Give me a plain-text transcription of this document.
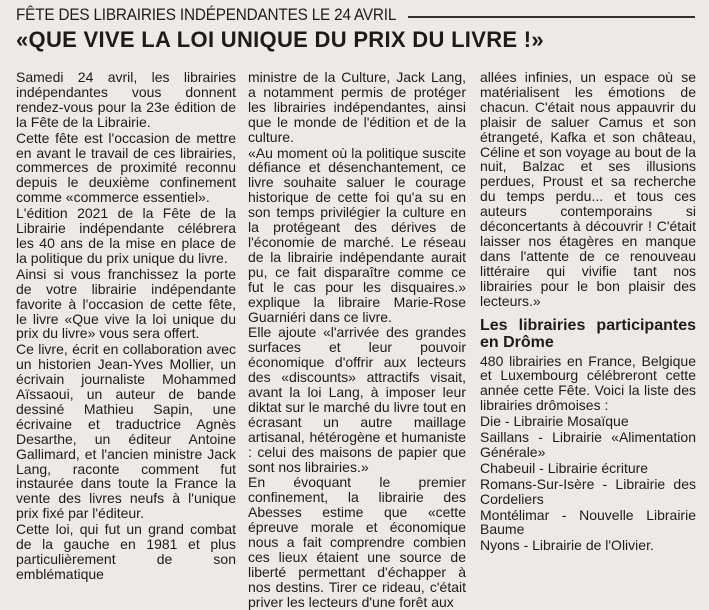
FÊTE DES LIBRAIRIES INDÉPENDANTES LE 24 AVRIL
«QUE VIVE LA LOI UNIQUE DU PRIX DU LIVRE !»

Samedi 24 avril, les librairies indépendantes vous donnent rendez-vous pour la 23e édition de la Fête de la Librairie.

Cette fête est l'occasion de mettre en avant le travail de ces librairies, commerces de proximité reconnu depuis le deuxième confinement comme «commerce essentiel».

L'édition 2021 de la Fête de la Librairie indépendante célébrera les 40 ans de la mise en place de la politique du prix unique du livre.

Ainsi si vous franchissez la porte de votre librairie indépendante favorite à l'occasion de cette fête, le livre «Que vive la loi unique du prix du livre» vous sera offert.

Ce livre, écrit en collaboration avec un historien Jean-Yves Mollier, un écrivain journaliste Mohammed Aïssaoui, un auteur de bande dessiné Mathieu Sapin, une écrivaine et traductrice Agnès Desarthe, un éditeur Antoine Gallimard, et l'ancien ministre Jack Lang, raconte comment fut instaurée dans toute la France la vente des livres neufs à l'unique prix fixé par l'éditeur.

Cette loi, qui fut un grand combat de la gauche en 1981 et plus particulièrement de son emblématique

ministre de la Culture, Jack Lang, a notamment permis de protéger les librairies indépendantes, ainsi que le monde de l'édition et de la culture.

«Au moment où la politique suscite défiance et désenchantement, ce livre souhaite saluer le courage historique de cette foi qu'a su en son temps privilégier la culture en la protégeant des dérives de l'économie de marché. Le réseau de la librairie indépendante aurait pu, ce fait disparaître comme ce fut le cas pour les disquaires.» explique la libraire Marie-Rose Guarniéri dans ce livre.

Elle ajoute «l'arrivée des grandes surfaces et leur pouvoir économique d'offrir aux lecteurs des «discounts» attractifs visait, avant la loi Lang, à imposer leur diktat sur le marché du livre tout en écrasant un autre maillage artisanal, hétérogène et humaniste : celui des maisons de papier que sont nos librairies.»

En évoquant le premier confinement, la librairie des Abesses estime que «cette épreuve morale et économique nous a fait comprendre combien ces lieux étaient une source de liberté permettant d'échapper à nos destins. Tirer ce rideau, c'était priver les lecteurs d'une forêt aux

allées infinies, un espace où se matérialisent les émotions de chacun. C'était nous appauvrir du plaisir de saluer Camus et son étrangeté, Kafka et son château, Céline et son voyage au bout de la nuit, Balzac et ses illusions perdues, Proust et sa recherche du temps perdu... et tous ces auteurs contemporains si déconcertants à découvrir ! C'était laisser nos étagères en manque dans l'attente de ce renouveau littéraire qui vivifie tant nos librairies pour le bon plaisir des lecteurs.»

Les librairies participantes en Drôme

480 librairies en France, Belgique et Luxembourg célébreront cette année cette Fête. Voici la liste des librairies drômoises :

Die - Librairie Mosaïque

Saillans - Librairie «Alimentation Générale»

Chabeuil - Librairie écriture

Romans-Sur-Isère - Librairie des Cordeliers

Montélimar - Nouvelle Librairie Baume

Nyons - Librairie de l'Olivier.
